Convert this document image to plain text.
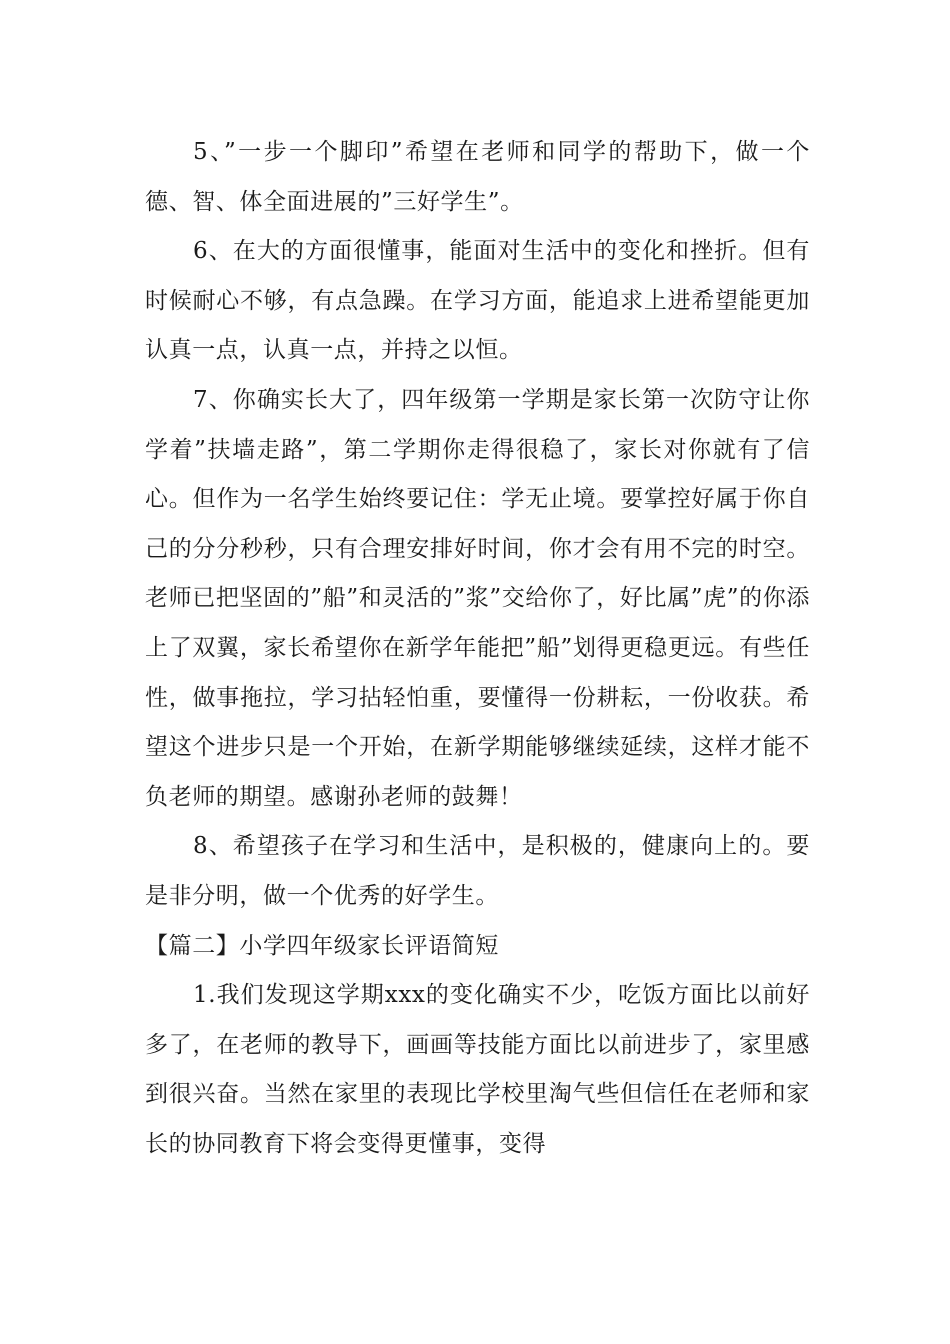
5、”一步一个脚印”希望在老师和同学的帮助下，做一个德、智、体全面进展的”三好学生”。

6、在大的方面很懂事，能面对生活中的变化和挫折。但有时候耐心不够，有点急躁。在学习方面，能追求上进希望能更加认真一点，认真一点，并持之以恒。

7、你确实长大了，四年级第一学期是家长第一次防守让你学着”扶墙走路”，第二学期你走得很稳了，家长对你就有了信心。但作为一名学生始终要记住：学无止境。要掌控好属于你自己的分分秒秒，只有合理安排好时间，你才会有用不完的时空。老师已把坚固的”船”和灵活的”浆”交给你了，好比属”虎”的你添上了双翼，家长希望你在新学年能把”船”划得更稳更远。有些任性，做事拖拉，学习拈轻怕重，要懂得一份耕耘，一份收获。希望这个进步只是一个开始，在新学期能够继续延续，这样才能不负老师的期望。感谢孙老师的鼓舞！

8、希望孩子在学习和生活中，是积极的，健康向上的。要是非分明，做一个优秀的好学生。

【篇二】小学四年级家长评语简短

1.我们发现这学期xxx的变化确实不少，吃饭方面比以前好多了，在老师的教导下，画画等技能方面比以前进步了，家里感到很兴奋。当然在家里的表现比学校里淘气些但信任在老师和家长的协同教育下将会变得更懂事，变得
